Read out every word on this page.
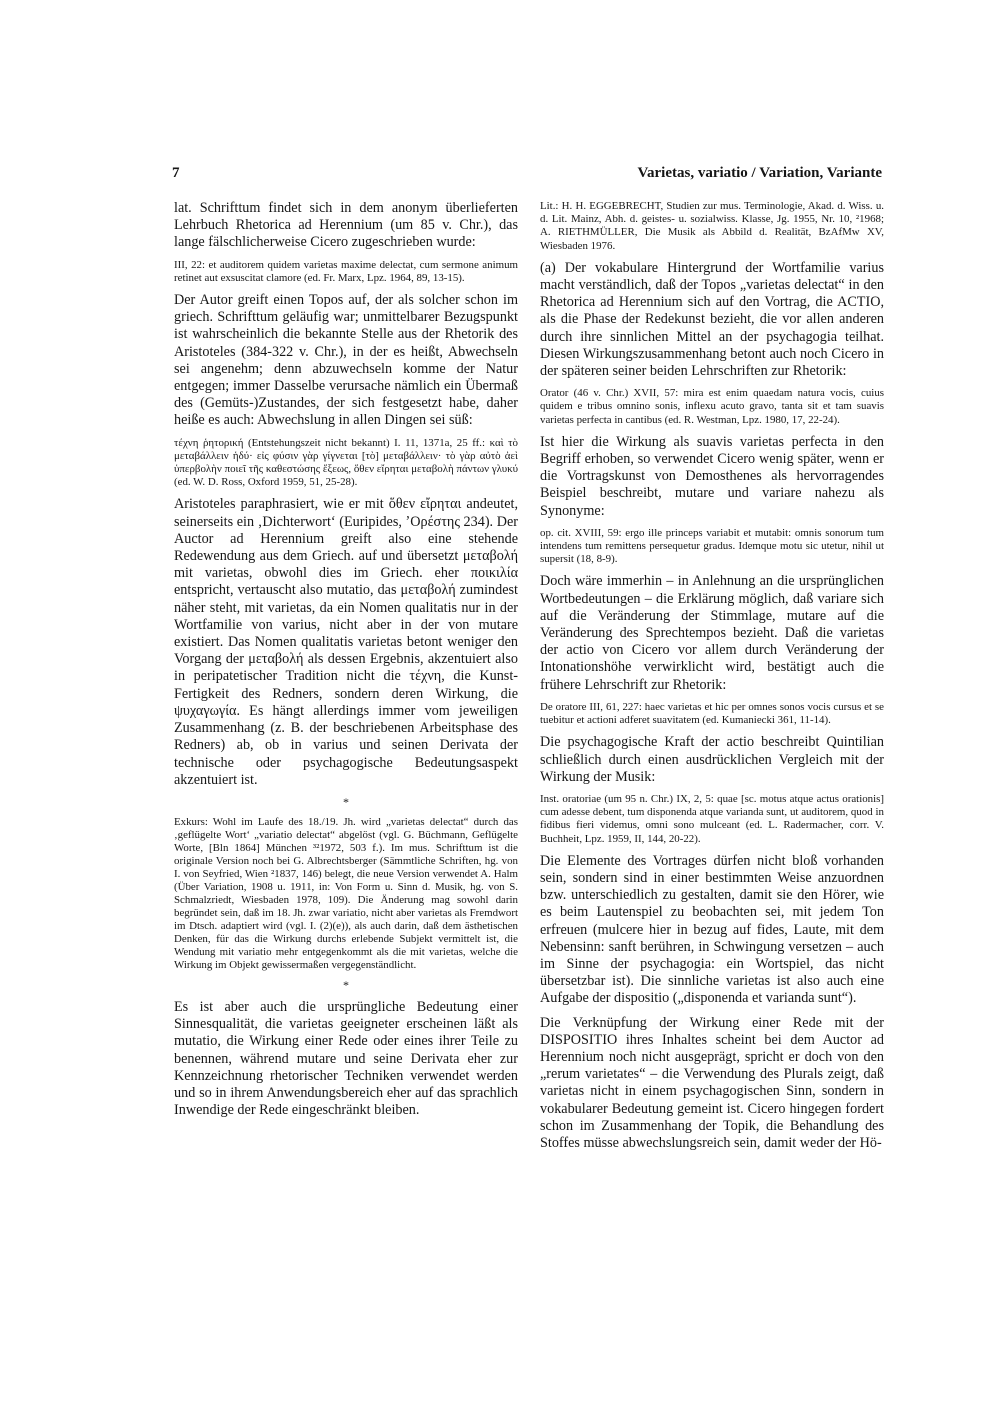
7	Varietas, variatio / Variation, Variante

lat. Schrifttum findet sich in dem anonym überlieferten Lehrbuch Rhetorica ad Herennium (um 85 v. Chr.), das lange fälschlicherweise Cicero zugeschrieben wurde:

III, 22: et auditorem quidem varietas maxime delectat, cum sermone animum retinet aut exsuscitat clamore (ed. Fr. Marx, Lpz. 1964, 89, 13-15).

Der Autor greift einen Topos auf, der als solcher schon im griech. Schrifttum geläufig war; unmittelbarer Bezugspunkt ist wahrscheinlich die bekannte Stelle aus der Rhetorik des Aristoteles (384-322 v. Chr.), in der es heißt, Abwechseln sei angenehm; denn abzuwechseln komme der Natur entgegen; immer Dasselbe verursache nämlich ein Übermaß des (Gemüts-)Zustandes, der sich festgesetzt habe, daher heiße es auch: Abwechslung in allen Dingen sei süß:

τέχνη ῥητορική (Entstehungszeit nicht bekannt) I. 11, 1371a, 25 ff.: καὶ τὸ μεταβάλλειν ἡδύ· εἰς φύσιν γὰρ γίγνεται [τὸ] μεταβάλλειν· τὸ γὰρ αὐτὸ ἀεὶ ὑπερβολὴν ποιεῖ τῆς καθεστώσης ἕξεως, ὅθεν εἴρηται μεταβολὴ πάντων γλυκύ (ed. W. D. Ross, Oxford 1959, 51, 25-28).

Aristoteles paraphrasiert, wie er mit ὅθεν εἴρηται andeutet, seinerseits ein ‚Dichterwort‘ (Euripides, ʼΟρέστης 234). Der Auctor ad Herennium greift also eine stehende Redewendung aus dem Griech. auf und übersetzt μεταβολή mit varietas, obwohl dies im Griech. eher ποικιλία entspricht, vertauscht also mutatio, das μεταβολή zumindest näher steht, mit varietas, da ein Nomen qualitatis nur in der Wortfamilie von varius, nicht aber in der von mutare existiert. Das Nomen qualitatis varietas betont weniger den Vorgang der μεταβολή als dessen Ergebnis, akzentuiert also in peripatetischer Tradition nicht die τέχνη, die Kunst-Fertigkeit des Redners, sondern deren Wirkung, die ψυχαγωγία. Es hängt allerdings immer vom jeweiligen Zusammenhang (z. B. der beschriebenen Arbeitsphase des Redners) ab, ob in varius und seinen Derivata der technische oder psychagogische Bedeutungsaspekt akzentuiert ist.

*

Exkurs: Wohl im Laufe des 18./19. Jh. wird „varietas delectat“ durch das ‚geflügelte Wort‘ „variatio delectat“ abgelöst (vgl. G. Büchmann, Geflügelte Worte, [Bln 1864] München ³²1972, 503 f.). Im mus. Schrifttum ist die originale Version noch bei G. Albrechtsberger (Sämmtliche Schriften, hg. von I. von Seyfried, Wien ²1837, 146) belegt, die neue Version verwendet A. Halm (Über Variation, 1908 u. 1911, in: Von Form u. Sinn d. Musik, hg. von S. Schmalzriedt, Wiesbaden 1978, 109). Die Änderung mag sowohl darin begründet sein, daß im 18. Jh. zwar variatio, nicht aber varietas als Fremdwort im Dtsch. adaptiert wird (vgl. I. (2)(e)), als auch darin, daß dem ästhetischen Denken, für das die Wirkung durchs erlebende Subjekt vermittelt ist, die Wendung mit variatio mehr entgegenkommt als die mit varietas, welche die Wirkung im Objekt gewissermaßen vergegenständlicht.

*

Es ist aber auch die ursprüngliche Bedeutung einer Sinnesqualität, die varietas geeigneter erscheinen läßt als mutatio, die Wirkung einer Rede oder eines ihrer Teile zu benennen, während mutare und seine Derivata eher zur Kennzeichnung rhetorischer Techniken verwendet werden und so in ihrem Anwendungsbereich eher auf das sprachlich Inwendige der Rede eingeschränkt bleiben.

Lit.: H. H. EGGEBRECHT, Studien zur mus. Terminologie, Akad. d. Wiss. u. d. Lit. Mainz, Abh. d. geistes- u. sozialwiss. Klasse, Jg. 1955, Nr. 10, ²1968; A. RIETHMÜLLER, Die Musik als Abbild d. Realität, BzAfMw XV, Wiesbaden 1976.

(a) Der vokabulare Hintergrund der Wortfamilie varius macht verständlich, daß der Topos „varietas delectat“ in den Rhetorica ad Herennium sich auf den Vortrag, die ACTIO, als die Phase der Redekunst bezieht, die vor allen anderen durch ihre sinnlichen Mittel an der psychagogia teilhat. Diesen Wirkungszusammenhang betont auch noch Cicero in der späteren seiner beiden Lehrschriften zur Rhetorik:

Orator (46 v. Chr.) XVII, 57: mira est enim quaedam natura vocis, cuius quidem e tribus omnino sonis, inflexu acuto gravo, tanta sit et tam suavis varietas perfecta in cantibus (ed. R. Westman, Lpz. 1980, 17, 22-24).

Ist hier die Wirkung als suavis varietas perfecta in den Begriff erhoben, so verwendet Cicero wenig später, wenn er die Vortragskunst von Demosthenes als hervorragendes Beispiel beschreibt, mutare und variare nahezu als Synonyme:

op. cit. XVIII, 59: ergo ille princeps variabit et mutabit: omnis sonorum tum intendens tum remittens persequetur gradus. Idemque motu sic utetur, nihil ut supersit (18, 8-9).

Doch wäre immerhin – in Anlehnung an die ursprünglichen Wortbedeutungen – die Erklärung möglich, daß variare sich auf die Veränderung der Stimmlage, mutare auf die Veränderung des Sprechtempos bezieht. Daß die varietas der actio von Cicero vor allem durch Veränderung der Intonationshöhe verwirklicht wird, bestätigt auch die frühere Lehrschrift zur Rhetorik:

De oratore III, 61, 227: haec varietas et hic per omnes sonos vocis cursus et se tuebitur et actioni adferet suavitatem (ed. Kumaniecki 361, 11-14).

Die psychagogische Kraft der actio beschreibt Quintilian schließlich durch einen ausdrücklichen Vergleich mit der Wirkung der Musik:

Inst. oratoriae (um 95 n. Chr.) IX, 2, 5: quae [sc. motus atque actus orationis] cum adesse debent, tum disponenda atque varianda sunt, ut auditorem, quod in fidibus fieri videmus, omni sono mulceant (ed. L. Radermacher, corr. V. Buchheit, Lpz. 1959, II, 144, 20-22).

Die Elemente des Vortrages dürfen nicht bloß vorhanden sein, sondern sind in einer bestimmten Weise anzuordnen bzw. unterschiedlich zu gestalten, damit sie den Hörer, wie es beim Lautenspiel zu beobachten sei, mit jedem Ton erfreuen (mulcere hier in bezug auf fides, Laute, mit dem Nebensinn: sanft berühren, in Schwingung versetzen – auch im Sinne der psychagogia: ein Wortspiel, das nicht übersetzbar ist). Die sinnliche varietas ist also auch eine Aufgabe der dispositio („disponenda et varianda sunt“).

Die Verknüpfung der Wirkung einer Rede mit der DISPOSITIO ihres Inhaltes scheint bei dem Auctor ad Herennium noch nicht ausgeprägt, spricht er doch von den „rerum varietates“ – die Verwendung des Plurals zeigt, daß varietas nicht in einem psychagogischen Sinn, sondern in vokabularer Bedeutung gemeint ist. Cicero hingegen fordert schon im Zusammenhang der Topik, die Behandlung des Stoffes müsse abwechslungsreich sein, damit weder der Hö-
